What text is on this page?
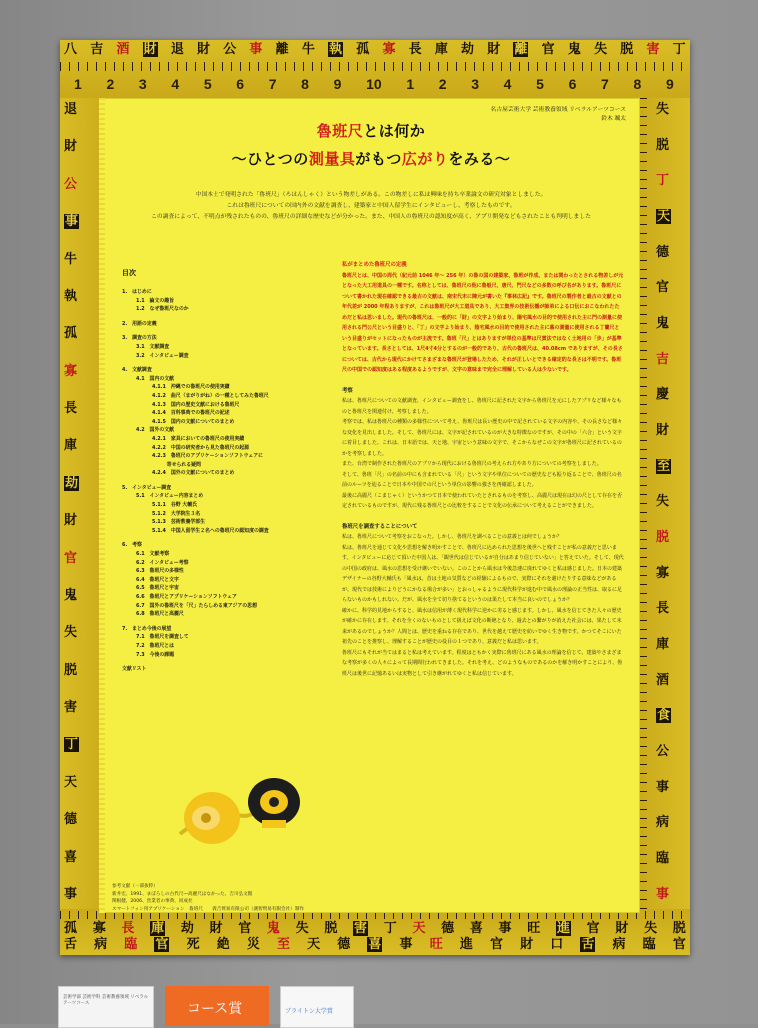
八 吉 酒 財 退 財 公 事 離 牛 執 孤 寡 長 庫 劫 財 離 官 鬼 失 脱 害 丁
1 2 3 4 5 6 7 8 9 10 1 2 3 4 5 6 7 8 9
退
財
公
事
牛
執
孤
寡
長
庫
劫
財
官
鬼
失
脱
害
丁
天
德
喜
事
失
脱
丁
天
德
官
鬼
吉
慶
財
至
失
脱
寡
長
庫
酒
食
公
事
病
臨
事
孤 寡 長 庫 劫 財 官 鬼 失 脱 害 丁 天 德 喜 事 旺 進 官 財 失 脱
舌 病 臨 官 死 絶 災 至 天 德 喜 事 旺 進 官 財 口 舌 病 臨 官
名古屋芸術大学 芸術教養領域 リベラルアーツコース
鈴木 颯太
魯班尺とは何か
～ひとつの測量具がもつ広がりをみる～
中国本土で発明された「魯班尺」（ろはんしゃく）という物差しがある。この物差しに私は興味を持ち卒業論文の研究対象としました。
これは魯班尺についての国内外の文献を調査し、建築家と中国人留学生にインタビューし、考察したものです。
この調査によって、不明点が残されたものの、魯班尺の詳細な歴史などが分かった。また、中国人の魯班尺の認知度が高く、アプリ開発などもされたことも判明しました
目次
1.　はじめに
1.1　論文の趣旨
1.2　なぜ魯班尺なのか
2.　用語の定義
3.　調査の方法
3.1　文献調査
3.2　インタビュー調査
4.　文献調査
4.1　国内の文献
4.1.1　沖縄での魯班尺の使用実績
4.1.2　曲尺（まがりがね）の一種としてみた魯班尺
4.1.3　国内の歴史文献における魯班尺
4.1.4　百科事典での魯班尺の記述
4.1.5　国内の文献についてのまとめ
4.2　国外の文献
4.2.1　家具においての魯班尺の使用実績
4.2.2　中国の研究者から見た魯班尺の起源
4.2.3　魯班尺のアプリケーションソフトウェアに
　　　寄せられる疑問
4.2.4　国外の文献についてのまとめ
5.　インタビュー調査
5.1　インタビュー内容まとめ
5.1.1　谷野 大輔氏
5.1.2　大学院生３名
5.1.3　芸術教養学部生
5.1.4　中国人留学生２名への魯班尺の認知度の調査
6.　考察
6.1　文献考察
6.2　インタビュー考察
6.3　魯班尺の多様性
6.4　魯班尺と文字
6.5　魯班尺と宇宙
6.6　魯班尺とアプリケーションソフトウェア
6.7　国外の魯班尺を「尺」たらしめる東アジアの思想
6.8　魯班尺と高麗尺
7.　まとめ今後の展望
7.1　魯班尺を調査して
7.2　魯班尺とは
7.3　今後の課題
文献リスト
参考文献（一部抜粋）
新井宏、1991、まぼろしの古代尺―高麗尺はなかった、吉川弘文館
関根健、2006、営業者の事典、同成社
スマートフォン用アプリケーション　魯班尺　　義吉貿易有限公司（測智貿易有限会社）制作
私がまとめた魯班尺の定義

魯班尺とは、中国の周代（紀元前 1046 年～ 256 年）の魯の国の建築家、魯班が作成、または関わったとされる物差しが元となった大工用道具の一種です。名称としては、魯班尺の他に魯般尺、唐尺、門尺などの多数の呼び名があります。魯班尺について書かれた現在確認できる最古の文献は、南宋代末に陳元が書いた『事林広記』です。魯班尺の製作者と最古の文献との年代差が 2000 年程ありますが、これは魯班尺が大工道具であり、大工集界の技術伝播が師弟による口伝におこなわれたためだと私は思いました。現代の魯班尺は、一般的に「財」の文字より始まり、陽宅風水の目的で使用された主に門の測量に使用される門公尺という目盛りと、「丁」の文字より始まり、陰宅風水の目的で使用された主に墓の測量に使用される丁蘭尺という目盛りがセットになったものが主流です。魯班「尺」とはありますが単位の基準は尺貫法ではなく土地用の「歩」が基準となっています。長さとしては、1尺4寸4分とするのが一般的であり、古代の魯班尺は、40.08cm でありますが、その長さについては、古代から現代にかけてさまざまな魯班尺が登場したため、それが正しいとできる確定的な長さは不明です。魯班尺の中国での認知度はある程度あるようですが、文字の意味まで完全に理解している人は少ないです。

考察

私は、魯班尺についての文献調査、インタビュー調査をし、魯班尺に記された文字から魯班尺を元にしたアプリなど様々なものと魯班尺を関連付け、考察しました。

考察では、私は魯班尺の種類の多様性について考え、魯班尺は長い歴史の中で記されている文字の内容や、その長さなど様々な変化を見出しました。そして、魯班尺には、文字が記されているのが大きな特徴なのですが、その中の「六合」という文字に着目しました。これは、日本語では、天と地、宇宙という意味の文字で、そこからなぜこの文字が魯班尺に記されているのかを考察しました。

また、台湾で制作された魯班尺のアプリから現代における魯班尺の考えられ方やあり方についての考察をしました。

そして、魯班「尺」の名前の中にも含まれている「尺」という文字や単位についての歴史なども振り返ることで、魯班尺の名前のルーツを辿ることで日本や中国での尺という単位の影響の強さを再確認しました。

最後に高麗尺（こまじゃく）というかつて日本で使われていたとされるものを考察し、高麗尺は現在は幻の尺として存在を否定されているものですが、現代に残る魯班尺との比較をすることで文化の伝承について考えることができました。

魯班尺を調査することについて

私は、魯班尺について考察をおこなった。しかし、魯班尺を調べることの意義とは何でしょうか？

私は、魯班尺を通じて文化や思想を解き明かすことで、魯班尺に込められた思想を後世へと残すことが私の意義だと思います。インタビューに応じて頂いた中国人は、「観世代は信じているが自分はあまり信じていない」と答えていた。そして、現代の中国の政府は、風水の思想を受け継いでいない。このことから風水は今後急速に廃れてゆくと私は感じました。日本の建築デザイナーの谷野大輔氏も「風水は、昔は土地の気質などの経験によるもので、実際にそれを避けたりする意味などがあるが、現代では技術によりどうにかなる場合が多い」とおっしゃるように現代科学が進む中で風水の理論の正当性は、取るに足らないものかもしれない。だが、風水を全て切り捨てるというのは果たして本当に良いのでしょうか？

確かに、科学的見地からすると、風水は信用が薄く現代科学に逆かに劣ると感じます。しかし、風水を信じてきた人々の歴史が確かに存在します。それを全くのないものとして扱えば文化の断絶となり、過去との繋がりが消えた社会には、果たして未来があるのでしょうか？人間とは、歴史を重ねる存在であり、世代を越えて歴史を紡いでゆく生き物です。かつてそこにいた祖先のことを推察し、理解することが歴史の役目の１つであり、意義だと私は思います。

魯班尺にもそれが当てはまると私は考えています。程度はともかく実際に魯班尺にある風水の理論を信じて、建築やさまざまな考察が多くの人々によって長期間行われてきました。それを考え、どのようなものであるのかを解き明かすことにより、魯班尺は後世に記憶あるいは実物として引き継がれてゆくと私は信じています。

芸術学部 芸術学科 芸術教養領域 リベラルアーツコース	コース賞	ブライトン大学賞
